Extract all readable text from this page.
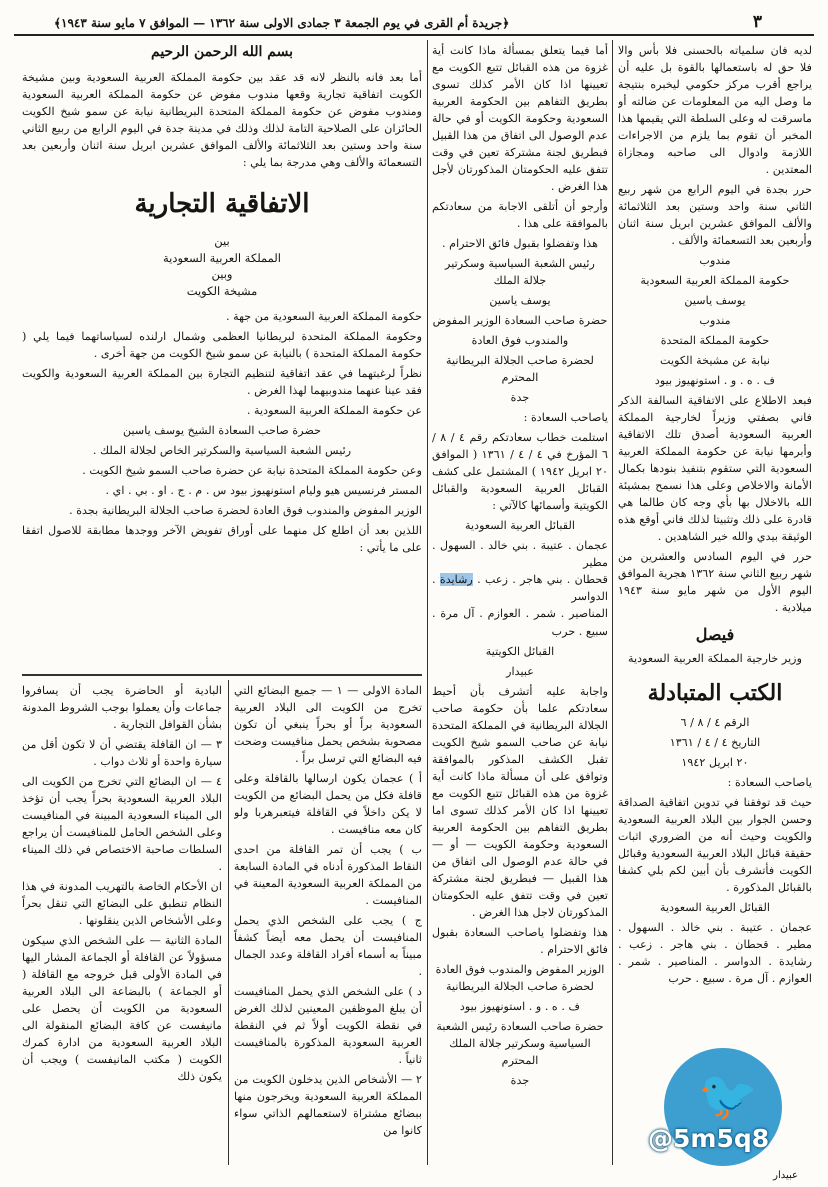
٣
﴿جريدة أم القرى في يوم الجمعة ٣ جمادى الاولى سنة ١٣٦٢ — الموافق ٧ مايو سنة ١٩٤٣﴾

لديه فان سلمياته بالحسنى فلا بأس والا فلا حق له باستعمالها بالقوة بل عليه أن يراجع أقرب مركز حكومي ليخبره بنتيجة ما وصل اليه من المعلومات عن ضالته أو ماسرقت له وعلى السلطة التي يقيمها هذا المخبر أن تقوم بما يلزم من الاجراءات اللازمة وادوال الى صاحبه ومجازاة المعتدين .

حرر بجدة في اليوم الرابع من شهر ربيع الثاني سنة واحد وستين بعد الثلاثمائة والألف الموافق عشرين ابريل سنة اثنان وأربعين بعد التسعمائة والألف .

مندوب

حكومة المملكة العربية السعودية

يوسف ياسين

مندوب

حكومة المملكة المتحدة

نيابة عن مشيخة الكويت

ف . ه . و . استونهيوز بيود

فبعد الاطلاع على الاتفاقية السالفة الذكر فاني بصفتي وزيراً لخارجية المملكة العربية السعودية أصدق تلك الاتفاقية وأبرمها نيابة عن حكومة المملكة العربية السعودية التي ستقوم بتنفيذ بنودها بكمال الأمانة والاخلاص وعلى هذا نسمح بمشيئة الله بالاخلال بها بأي وجه كان طالما هي قادرة على ذلك وتثبيتا لذلك فاني أوقع هذه الوثيقة بيدي والله خير الشاهدين .

حرر في اليوم السادس والعشرين من شهر ربيع الثاني سنة ١٣٦٢ هجرية الموافق اليوم الأول من شهر مايو سنة ١٩٤٣ ميلادية .

فيصل

وزير خارجية المملكة العربية السعودية

الكتب المتبادلة

الرقم ٤ / ٨ / ٦

التاريخ ٤ / ٤ / ١٣٦١

٢٠ ابريل ١٩٤٢

ياصاحب السعادة :

حيث قد توفقنا في تدوين اتفاقية الصداقة وحسن الجوار بين البلاد العربية السعودية والكويت وحيث أنه من الضروري اثبات حقيقة قبائل البلاد العربية السعودية وقبائل الكويت فأتشرف بأن أبين لكم بلي كشفا بالقبائل المذكورة .

القبائل العربية السعودية

عجمان . عتيبة . بني خالد . السهول . مطير . قحطان . بني هاجر . زعب . رشايدة . الدواسر . المناصير . شمر . العوازم . آل مرة . سبيع . حرب

عبيدار

أما فيما يتعلق بمسألة ماذا كانت أية غزوة من هذه القبائل تتبع الكويت مع تعيينها اذا كان الأمر كذلك تسوى بطريق التفاهم بين الحكومة العربية السعودية وحكومة الكويت أو في حالة عدم الوصول الى اتفاق من هذا القبيل فبطريق لجنة مشتركة تعين في وقت تتفق عليه الحكومتان المذكورتان لأجل هذا الغرض .

وأرجو أن أتلقى الاجابة من سعادتكم بالموافقة على هذا .

هذا وتفضلوا بقبول فائق الاحترام .

رئيس الشعبة السياسية وسكرتير جلالة الملك

يوسف ياسين

حضرة صاحب السعادة الوزير المفوض

والمندوب فوق العادة

لحضرة صاحب الجلالة البريطانية المحترم

جدة

ياصاحب السعادة :

استلمت خطاب سعادتكم رقم ٤ / ٨ / ٦ المؤرخ في ٤ / ٤ / ١٣٦١ ( الموافق ٢٠ ابريل ١٩٤٢ ) المشتمل على كشف القبائل العربية السعودية والقبائل الكويتية وأسمائها كالآتي :

القبائل العربية السعودية

عجمان . عتيبة . بني خالد . السهول . مطير
قحطان . بني هاجر . زعب . رشايدة . الدواسر
المناصير . شمر . العوازم . آل مرة . سبيع . حرب

القبائل الكويتية

عبيدار

واجابة عليه أتشرف بأن أحيط سعادتكم علما بأن حكومة صاحب الجلالة البريطانية في المملكة المتحدة نيابة عن صاحب السمو شيخ الكويت تقبل الكشف المذكور بالموافقة وتوافق على أن مسألة ماذا كانت أية غزوة من هذه القبائل تتبع الكويت مع تعيينها اذا كان الأمر كذلك تسوى اما بطريق التفاهم بين الحكومة العربية السعودية وحكومة الكويت — أو — في حالة عدم الوصول الى اتفاق من هذا القبيل — فبطريق لجنة مشتركة تعين في وقت تتفق عليه الحكومتان المذكورتان لاجل هذا الغرض .

هذا وتفضلوا ياصاحب السعادة بقبول فائق الاحترام .

الوزير المفوض والمندوب فوق العادة لحضرة صاحب الجلالة البريطانية

ف . ه . و . استونهيوز بيود

حضرة صاحب السعادة رئيس الشعبة السياسية وسكرتير جلالة الملك المحترم

جدة

بسم الله الرحمن الرحيم

أما بعد فانه بالنظر لانه قد عقد بين حكومة المملكة العربية السعودية وبين مشيخة الكويت اتفاقية تجارية وقعها مندوب مفوض عن حكومة المملكة العربية السعودية ومندوب مفوض عن حكومة المملكة المتحدة البريطانية نيابة عن سمو شيخ الكويت الحائزان على الصلاحية التامة لذلك وذلك في مدينة جدة في اليوم الرابع من ربيع الثاني سنة واحد وستين بعد الثلاثمائة والألف الموافق عشرين ابريل سنة اثنان وأربعين بعد التسعمائة والألف وهي مدرجة بما يلي :

الاتفاقية التجارية
بين
المملكة العربية السعودية
وبين
مشيخة الكويت

حكومة المملكة العربية السعودية من جهة .

وحكومة المملكة المتحدة لبريطانيا العظمى وشمال ارلنده لسياساتهما فيما يلي ( حكومة المملكة المتحدة ) بالنيابة عن سمو شيخ الكويت من جهة أخرى .

نظراً لرغبتهما في عقد اتفاقية لتنظيم التجارة بين المملكة العربية السعودية والكويت فقد عينا عنهما مندوبيهما لهذا الغرض .

عن حكومة المملكة العربية السعودية .

حضرة صاحب السعادة الشيخ يوسف ياسين

رئيس الشعبة السياسية والسكرتير الخاص لجلالة الملك .

وعن حكومة المملكة المتحدة نيابة عن حضرة صاحب السمو شيخ الكويت .

المستر فرنسيس هيو وليام استونهيوز بيود س . م . ج . او . بي . اي .

الوزير المفوض والمندوب فوق العادة لحضرة صاحب الجلالة البريطانية بجدة .

اللذين بعد أن اطلع كل منهما على أوراق تفويض الآخر ووجدها مطابقة للاصول اتفقا على ما يأتي :

المادة الاولى — ١ — جميع البضائع التي تخرج من الكويت الى البلاد العربية السعودية براً أو بحراً ينبغي أن تكون مصحوبة بشخص يحمل منافيست وضحت فيه البضائع التي ترسل براً .

أ ) عجمان يكون ارسالها بالقافلة وعلى قافلة فكل من يحمل البضائع من الكويت لا يكن داخلاً في القافلة فيتعبرهربا ولو كان معه منافيست .

ب ) يجب أن تمر القافلة من احدى النقاط المذكورة أدناه في المادة السابعة من المملكة العربية السعودية المعينة في المنافيست .

ج ) يجب على الشخص الذي يحمل المنافيست أن يحمل معه أيضاً كشفاً مبيناً به أسماء أفراد القافلة وعدد الجمال .

د ) على الشخص الذي يحمل المنافيست أن يبلغ الموظفين المعينين لذلك الغرض في نقطة الكويت أولاً ثم في النقطة العربية السعودية المذكورة بالمنافيست ثانياً .

٢ — الأشخاص الذين يدخلون الكويت من المملكة العربية السعودية ويخرجون منها ببضائع مشتراة لاستعمالهم الذاتي سواء كانوا من

البادية أو الحاضرة يجب أن يسافروا جماعات وأن يعملوا بوجب الشروط المدونة بشأن القوافل التجارية .

٣ — ان القافلة يقتضي أن لا تكون أقل من سيارة واحدة أو ثلاث دواب .

٤ — ان البضائع التي تخرج من الكويت الى البلاد العربية السعودية بحراً يجب أن تؤخذ الى الميناء السعودية المبينة في المنافيست وعلى الشخص الحامل للمنافيست أن يراجع السلطات صاحبة الاختصاص في ذلك الميناء .

ان الأحكام الخاصة بالتهريب المدونة في هذا النظام تنطبق على البضائع التي تنقل بحراً وعلى الأشخاص الذين ينقلونها .

المادة الثانية — على الشخص الذي سيكون مسؤولاً عن القافلة أو الجماعة المشار اليها في المادة الأولى قبل خروجه مع القافلة ( أو الجماعة ) بالبضاعة الى البلاد العربية السعودية من الكويت أن يحصل على مانيفست عن كافة البضائع المنقولة الى البلاد العربية السعودية من ادارة كمرك الكويت ( مكتب المانيفست ) ويجب أن يكون ذلك	🐦
@5m5q8
